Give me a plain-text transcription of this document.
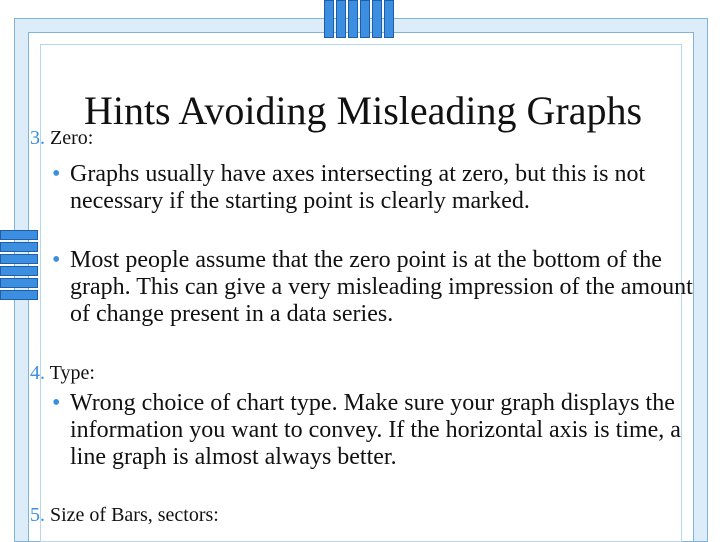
Hints Avoiding Misleading Graphs
3. Zero:
• Graphs usually have axes intersecting at zero, but this is not necessary if the starting point is clearly marked.
• Most people assume that the zero point is at the bottom of the graph. This can give a very misleading impression of the amount of change present in a data series.
4. Type:
• Wrong choice of chart type. Make sure your graph displays the information you want to convey. If the horizontal axis is time, a line graph is almost always better.
5. Size of Bars, sectors:
